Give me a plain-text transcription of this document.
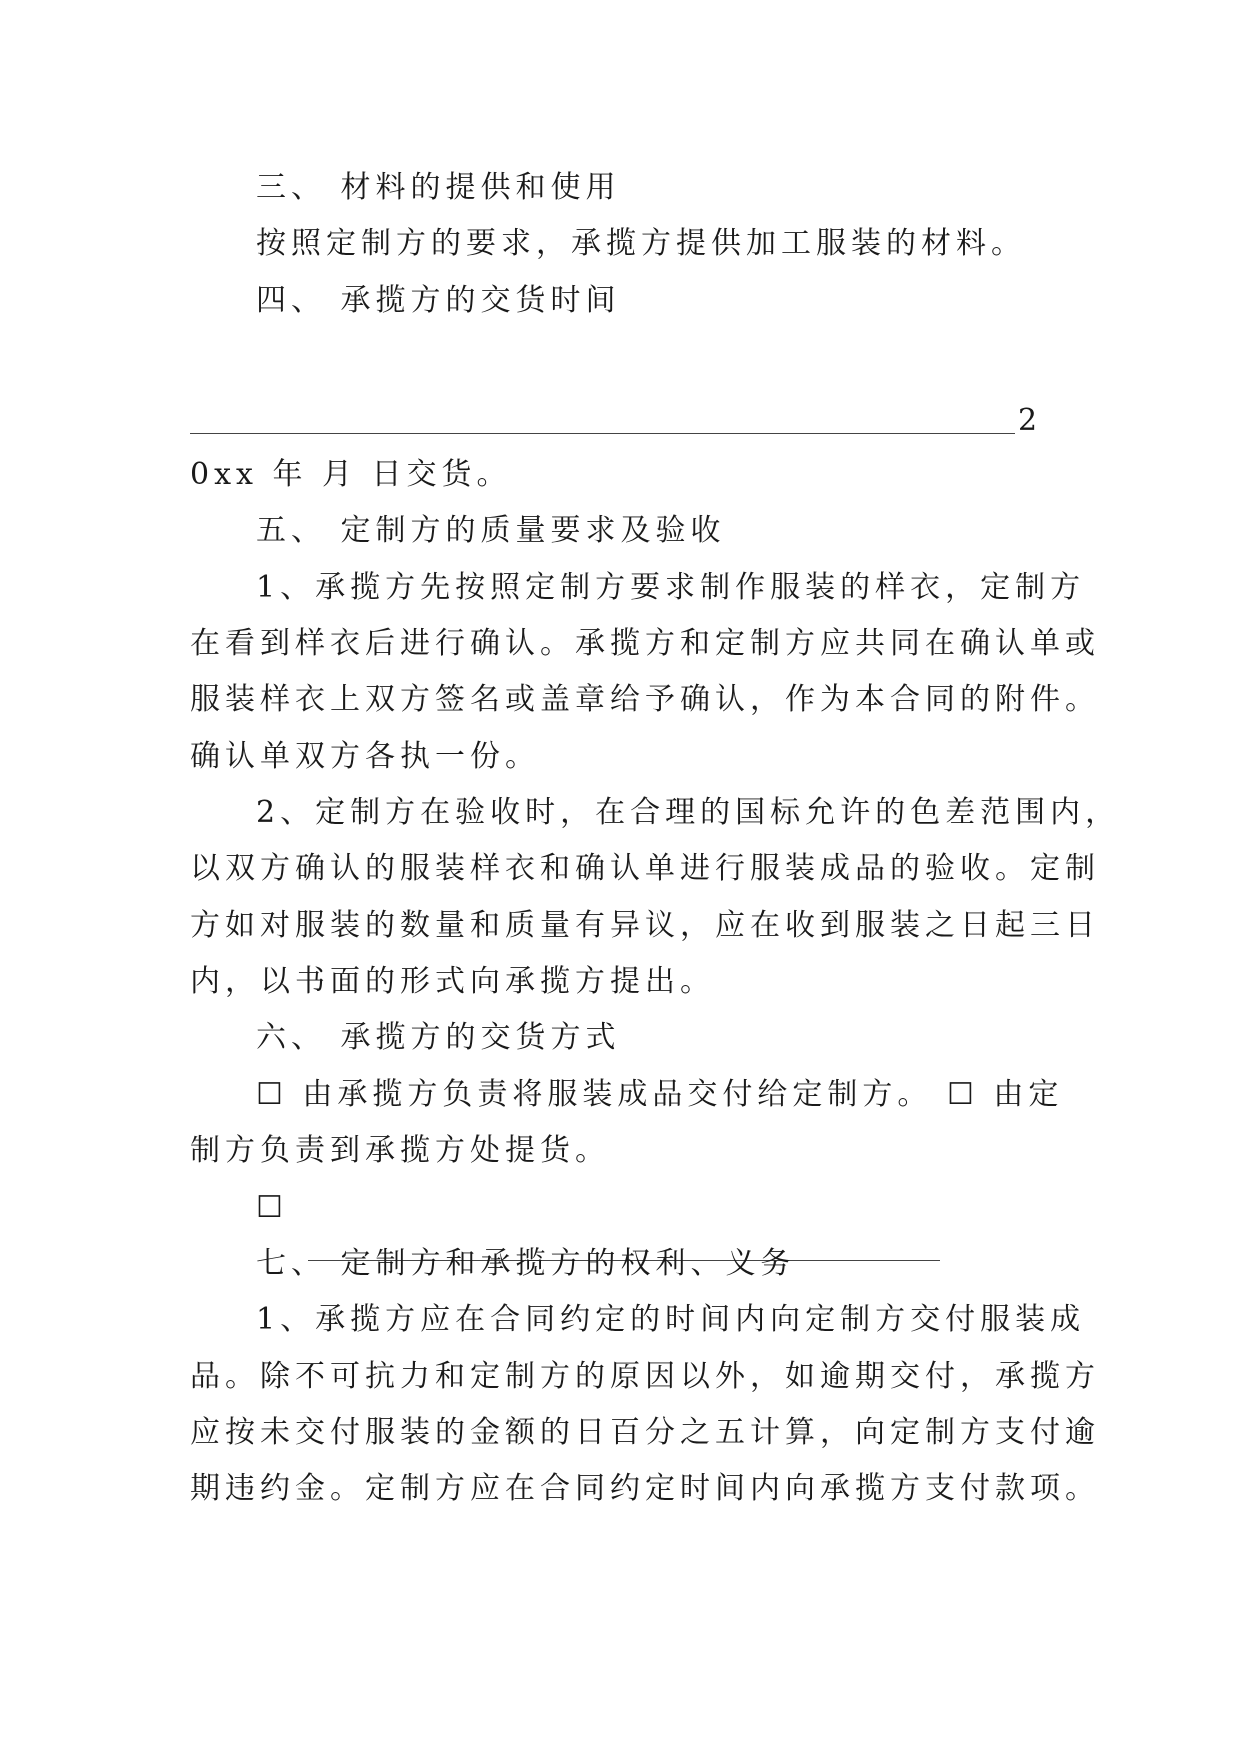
三、 材料的提供和使用
按照定制方的要求，承揽方提供加工服装的材料。
四、 承揽方的交货时间
2
0xx 年 月 日交货。
五、 定制方的质量要求及验收
1、承揽方先按照定制方要求制作服装的样衣，定制方
在看到样衣后进行确认。承揽方和定制方应共同在确认单或
服装样衣上双方签名或盖章给予确认，作为本合同的附件。
确认单双方各执一份。
2、定制方在验收时，在合理的国标允许的色差范围内，
以双方确认的服装样衣和确认单进行服装成品的验收。定制
方如对服装的数量和质量有异议，应在收到服装之日起三日
内，以书面的形式向承揽方提出。
六、 承揽方的交货方式
☐ 由承揽方负责将服装成品交付给定制方。 ☐ 由定
制方负责到承揽方处提货。
☐
七、 定制方和承揽方的权利、义务
1、承揽方应在合同约定的时间内向定制方交付服装成
品。除不可抗力和定制方的原因以外，如逾期交付，承揽方
应按未交付服装的金额的日百分之五计算，向定制方支付逾
期违约金。定制方应在合同约定时间内向承揽方支付款项。
